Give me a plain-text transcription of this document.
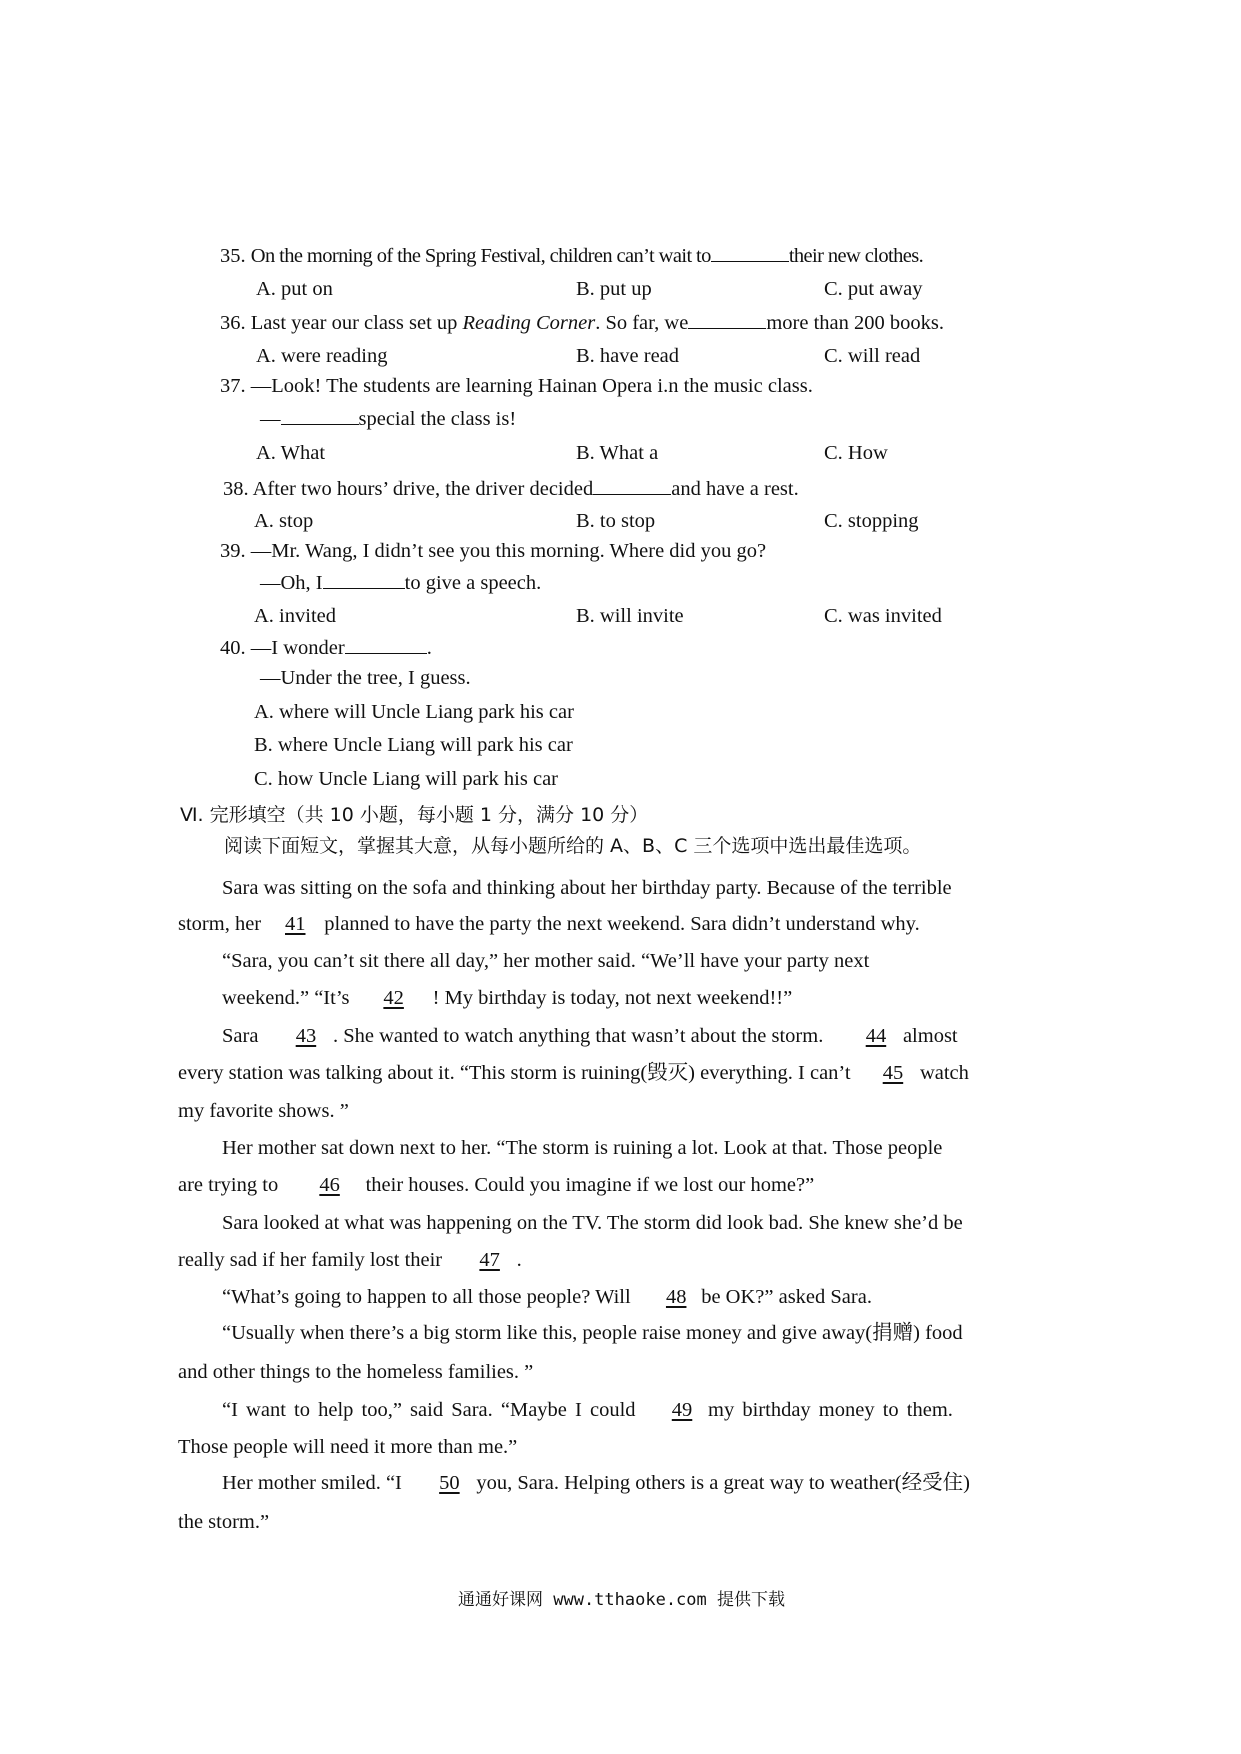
35. On the morning of the Spring Festival, children can’t wait to	their new clothes.
A. put on	B. put up	C. put away
36. Last year our class set up Reading Corner. So far, we	more than 200 books.
A. were reading	B. have read	C. will read
37. —Look! The students are learning Hainan Opera i.n the music class.
—	special the class is!
A. What	B. What a	C. How
38. After two hours’ drive, the driver decided	and have a rest.
A. stop	B. to stop	C. stopping
39. —Mr. Wang, I didn’t see you this morning. Where did you go?
—Oh, I	to give a speech.
A. invited	B. will invite	C. was invited
40. —I wonder	.
—Under the tree, I guess.
A. where will Uncle Liang park his car
B. where Uncle Liang will park his car
C. how Uncle Liang will park his car
Ⅵ. 完形填空（共 10 小题，每小题 1 分，满分 10 分）
阅读下面短文，掌握其大意，从每小题所给的 A、B、C 三个选项中选出最佳选项。
Sara was sitting on the sofa and thinking about her birthday party. Because of the terrible
storm, her 41 planned to have the party the next weekend. Sara didn’t understand why.
“Sara, you can’t sit there all day,” her mother said. “We’ll have your party next
weekend.” “It’s 42 ! My birthday is today, not next weekend!!”
Sara 43 . She wanted to watch anything that wasn’t about the storm. 44 almost
every station was talking about it. “This storm is ruining(毁灭) everything. I can’t 45 watch
my favorite shows. ”
Her mother sat down next to her. “The storm is ruining a lot. Look at that. Those people
are trying to 46 their houses. Could you imagine if we lost our home?”
Sara looked at what was happening on the TV. The storm did look bad. She knew she’d be
really sad if her family lost their 47 .
“What’s going to happen to all those people? Will 48 be OK?” asked Sara.
“Usually when there’s a big storm like this, people raise money and give away(捐赠) food
and other things to the homeless families. ”
“I want to help too,” said Sara. “Maybe I could 49 my birthday money to them.
Those people will need it more than me.”
Her mother smiled. “I 50 you, Sara. Helping others is a great way to weather(经受住)
the storm.”
通通好课网 www.tthaoke.com 提供下载
